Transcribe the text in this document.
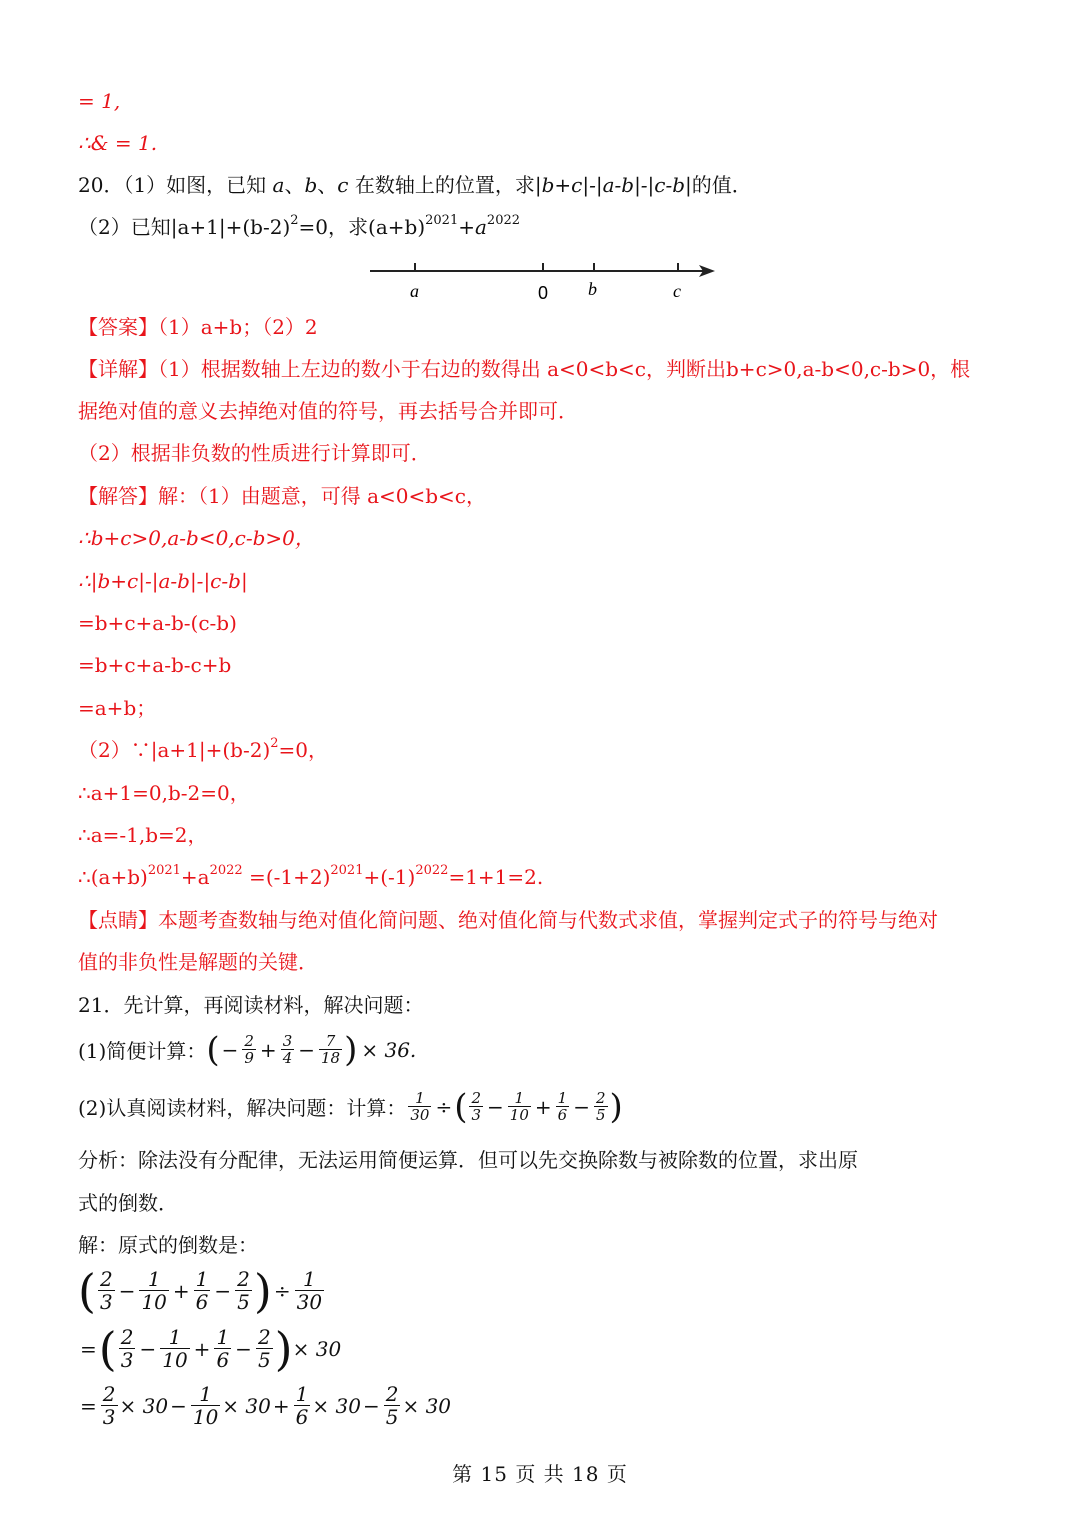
= 1,
∴& = 1.
20．（1）如图，已知 a、b、c 在数轴上的位置，求|b+c|-|a-b|-|c-b|的值．
（2）已知$|a+1|+(b-2)^2=0$，求$(a+b)^{2021}+a^{2022}$
a	0 b	c
【答案】（1）a+b；（2）2
【详解】（1）根据数轴上左边的数小于右边的数得出 a<0<b<c，判断出b+c>0,a-b<0,c-b>0，根
据绝对值的意义去掉绝对值的符号，再去括号合并即可．
（2）根据非负数的性质进行计算即可．
【解答】解：（1）由题意，可得 a<0<b<c，
∴b+c>0,a-b<0,c-b>0，
∴|b+c|-|a-b|-|c-b|
=b+c+a-b-(c-b)
=b+c+a-b-c+b
=a+b；
$(2)\because|a+1|+(b-2)^2=0$，
∴a+1=0,b-2=0，
∴a=-1,b=2，
$\therefore(a+b)^{2021}+a^{2022} =(-1+2)^{2021}+(-1)^{2022}=1+1=2$.
【点睛】本题考查数轴与绝对值化简问题、绝对值化简与代数式求值，掌握判定式子的符号与绝对
值的非负性是解题的关键．
21．先计算，再阅读材料，解决问题：
(1)简便计算： ( − $\frac{2}{9} + \frac{3}{4} - \frac{7}{18}$ ) × 36.
(2)认真阅读材料，解决问题：计算： $\frac{1}{30}$ ÷ ( $\frac{2}{3} - \frac{1}{10} + \frac{1}{6} - \frac{2}{5}$ )
分析：除法没有分配律，无法运用简便运算．但可以先交换除数与被除数的位置，求出原
式的倒数．
解：原式的倒数是：
( $\frac{2}{3} - \frac{1}{10} + \frac{1}{6} - \frac{2}{5}$ ) ÷ $\frac{1}{30}$
= ( $\frac{2}{3} - \frac{1}{10} + \frac{1}{6} - \frac{2}{5}$ ) × 30
= $\frac{2}{3} \times 30 - \frac{1}{10} \times 30 + \frac{1}{6} \times 30 - \frac{2}{5} \times 30$
第 15 页 共 18 页
